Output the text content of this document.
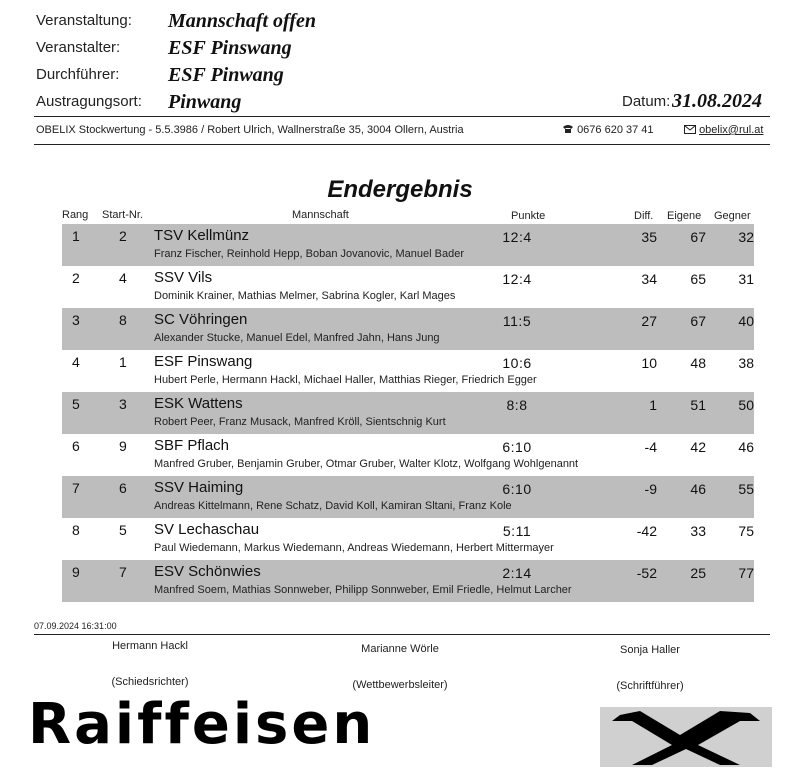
Veranstaltung: Mannschaft offen
Veranstalter: ESF Pinswang
Durchführer: ESF Pinwang
Austragungsort: Pinwang	Datum: 31.08.2024
OBELIX Stockwertung - 5.5.3986 / Robert Ulrich, Wallnerstraße 35, 3004 Ollern, Austria	0676 620 37 41	obelix@rul.at
Endergebnis
Rang Start-Nr.	Mannschaft	Punkte	Diff. Eigene Gegner
1	2 TSV Kellmünz	12:4	35	67	32
Franz Fischer, Reinhold Hepp, Boban Jovanovic, Manuel Bader
2	4 SSV Vils	12:4	34	65	31
Dominik Krainer, Mathias Melmer, Sabrina Kogler, Karl Mages
3	8 SC Vöhringen	11:5	27	67	40
Alexander Stucke, Manuel Edel, Manfred Jahn, Hans Jung
4	1 ESF Pinswang	10:6	10	48	38
Hubert Perle, Hermann Hackl, Michael Haller, Matthias Rieger, Friedrich Egger
5	3 ESK Wattens	8:8	1	51	50
Robert Peer, Franz Musack, Manfred Kröll, Sientschnig Kurt
6	9 SBF Pflach	6:10	-4	42	46
Manfred Gruber, Benjamin Gruber, Otmar Gruber, Walter Klotz, Wolfgang Wohlgenannt
7	6 SSV Haiming	6:10	-9	46	55
Andreas Kittelmann, Rene Schatz, David Koll, Kamiran Sltani, Franz Kole
8	5 SV Lechaschau	5:11	-42	33	75
Paul Wiedemann, Markus Wiedemann, Andreas Wiedemann, Herbert Mittermayer
9	7 ESV Schönwies	2:14	-52	25	77
Manfred Soem, Mathias Sonnweber, Philipp Sonnweber, Emil Friedle, Helmut Larcher
07.09.2024 16:31:00
Hermann Hackl
(Schiedsrichter)
Marianne Wörle
(Wettbewerbsleiter)
Sonja Haller
(Schriftführer)
Raiffeisen
